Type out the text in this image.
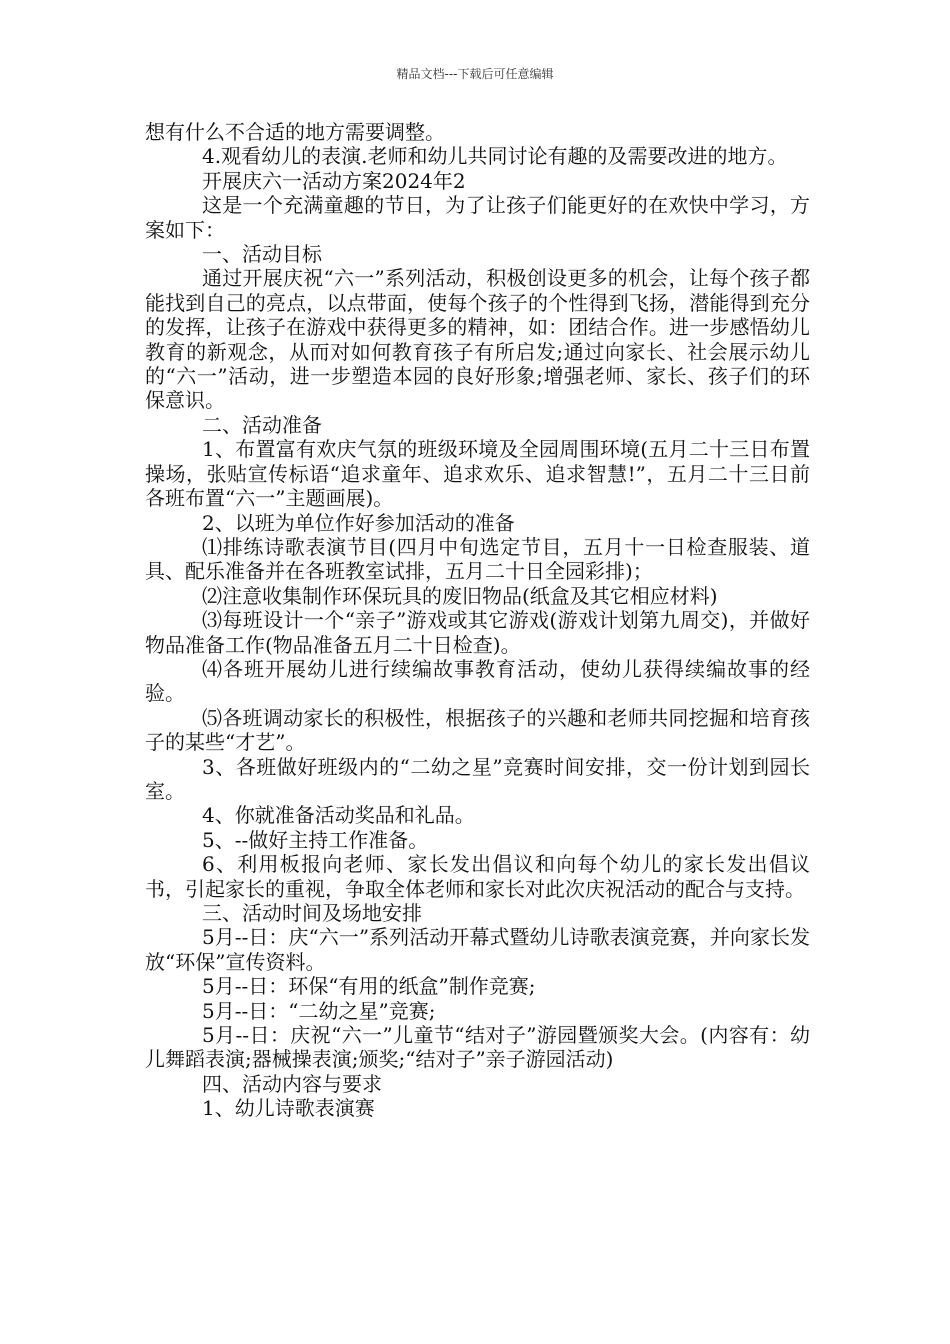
精品文档---下载后可任意编辑

想有什么不合适的地方需要调整。

4.观看幼儿的表演.老师和幼儿共同讨论有趣的及需要改进的地方。

开展庆六一活动方案2024年2

这是一个充满童趣的节日，为了让孩子们能更好的在欢快中学习，方案如下：

一、活动目标

通过开展庆祝“六一”系列活动，积极创设更多的机会，让每个孩子都能找到自己的亮点，以点带面，使每个孩子的个性得到飞扬，潜能得到充分的发挥，让孩子在游戏中获得更多的精神，如：团结合作。进一步感悟幼儿教育的新观念，从而对如何教育孩子有所启发;通过向家长、社会展示幼儿的“六一”活动，进一步塑造本园的良好形象;增强老师、家长、孩子们的环保意识。

二、活动准备

1、布置富有欢庆气氛的班级环境及全园周围环境(五月二十三日布置操场，张贴宣传标语“追求童年、追求欢乐、追求智慧!”，五月二十三日前各班布置“六一”主题画展)。

2、以班为单位作好参加活动的准备

⑴排练诗歌表演节目(四月中旬选定节目，五月十一日检查服装、道具、配乐准备并在各班教室试排，五月二十日全园彩排)；

⑵注意收集制作环保玩具的废旧物品(纸盒及其它相应材料)

⑶每班设计一个“亲子”游戏或其它游戏(游戏计划第九周交)，并做好物品准备工作(物品准备五月二十日检查)。

⑷各班开展幼儿进行续编故事教育活动，使幼儿获得续编故事的经验。

⑸各班调动家长的积极性，根据孩子的兴趣和老师共同挖掘和培育孩子的某些“才艺”。

3、各班做好班级内的“二幼之星”竞赛时间安排，交一份计划到园长室。

4、你就准备活动奖品和礼品。

5、--做好主持工作准备。

6、利用板报向老师、家长发出倡议和向每个幼儿的家长发出倡议书，引起家长的重视，争取全体老师和家长对此次庆祝活动的配合与支持。

三、活动时间及场地安排

5月--日：庆“六一”系列活动开幕式暨幼儿诗歌表演竞赛，并向家长发放“环保”宣传资料。

5月--日：环保“有用的纸盒”制作竞赛;

5月--日：“二幼之星”竞赛;

5月--日：庆祝“六一”儿童节“结对子”游园暨颁奖大会。(内容有：幼儿舞蹈表演;器械操表演;颁奖;“结对子”亲子游园活动)

四、活动内容与要求

1、幼儿诗歌表演赛
